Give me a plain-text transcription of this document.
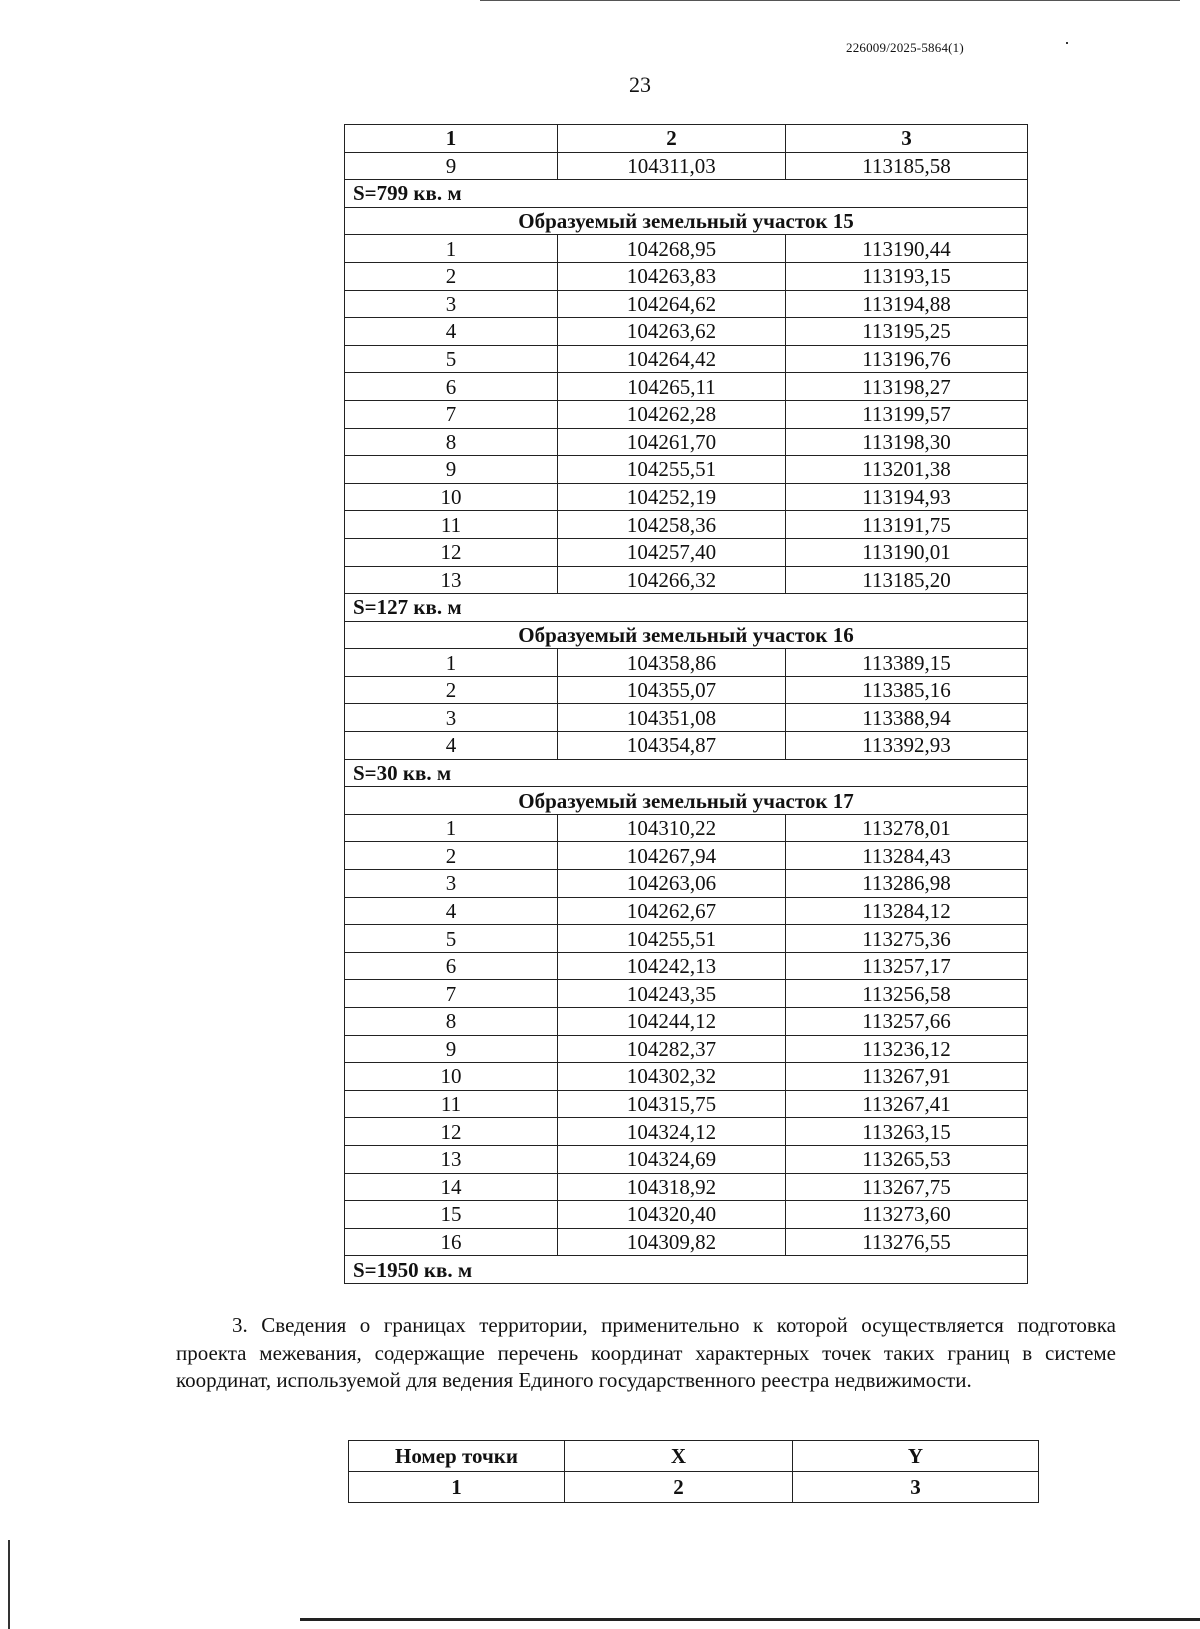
226009/2025-5864(1)
23
1	2	3
9	104311,03	113185,58
S=799 кв. м		
Образуемый земельный участок 15		
1	104268,95	113190,44
2	104263,83	113193,15
3	104264,62	113194,88
4	104263,62	113195,25
5	104264,42	113196,76
6	104265,11	113198,27
7	104262,28	113199,57
8	104261,70	113198,30
9	104255,51	113201,38
10	104252,19	113194,93
11	104258,36	113191,75
12	104257,40	113190,01
13	104266,32	113185,20
S=127 кв. м		
Образуемый земельный участок 16		
1	104358,86	113389,15
2	104355,07	113385,16
3	104351,08	113388,94
4	104354,87	113392,93
S=30 кв. м		
Образуемый земельный участок 17		
1	104310,22	113278,01
2	104267,94	113284,43
3	104263,06	113286,98
4	104262,67	113284,12
5	104255,51	113275,36
6	104242,13	113257,17
7	104243,35	113256,58
8	104244,12	113257,66
9	104282,37	113236,12
10	104302,32	113267,91
11	104315,75	113267,41
12	104324,12	113263,15
13	104324,69	113265,53
14	104318,92	113267,75
15	104320,40	113273,60
16	104309,82	113276,55
S=1950 кв. м		
3. Сведения о границах территории, применительно к которой осуществляется подготовка проекта межевания, содержащие перечень координат характерных точек таких границ в системе координат, используемой для ведения Единого государственного реестра недвижимости.
Номер точки	X	Y
1	2	3
